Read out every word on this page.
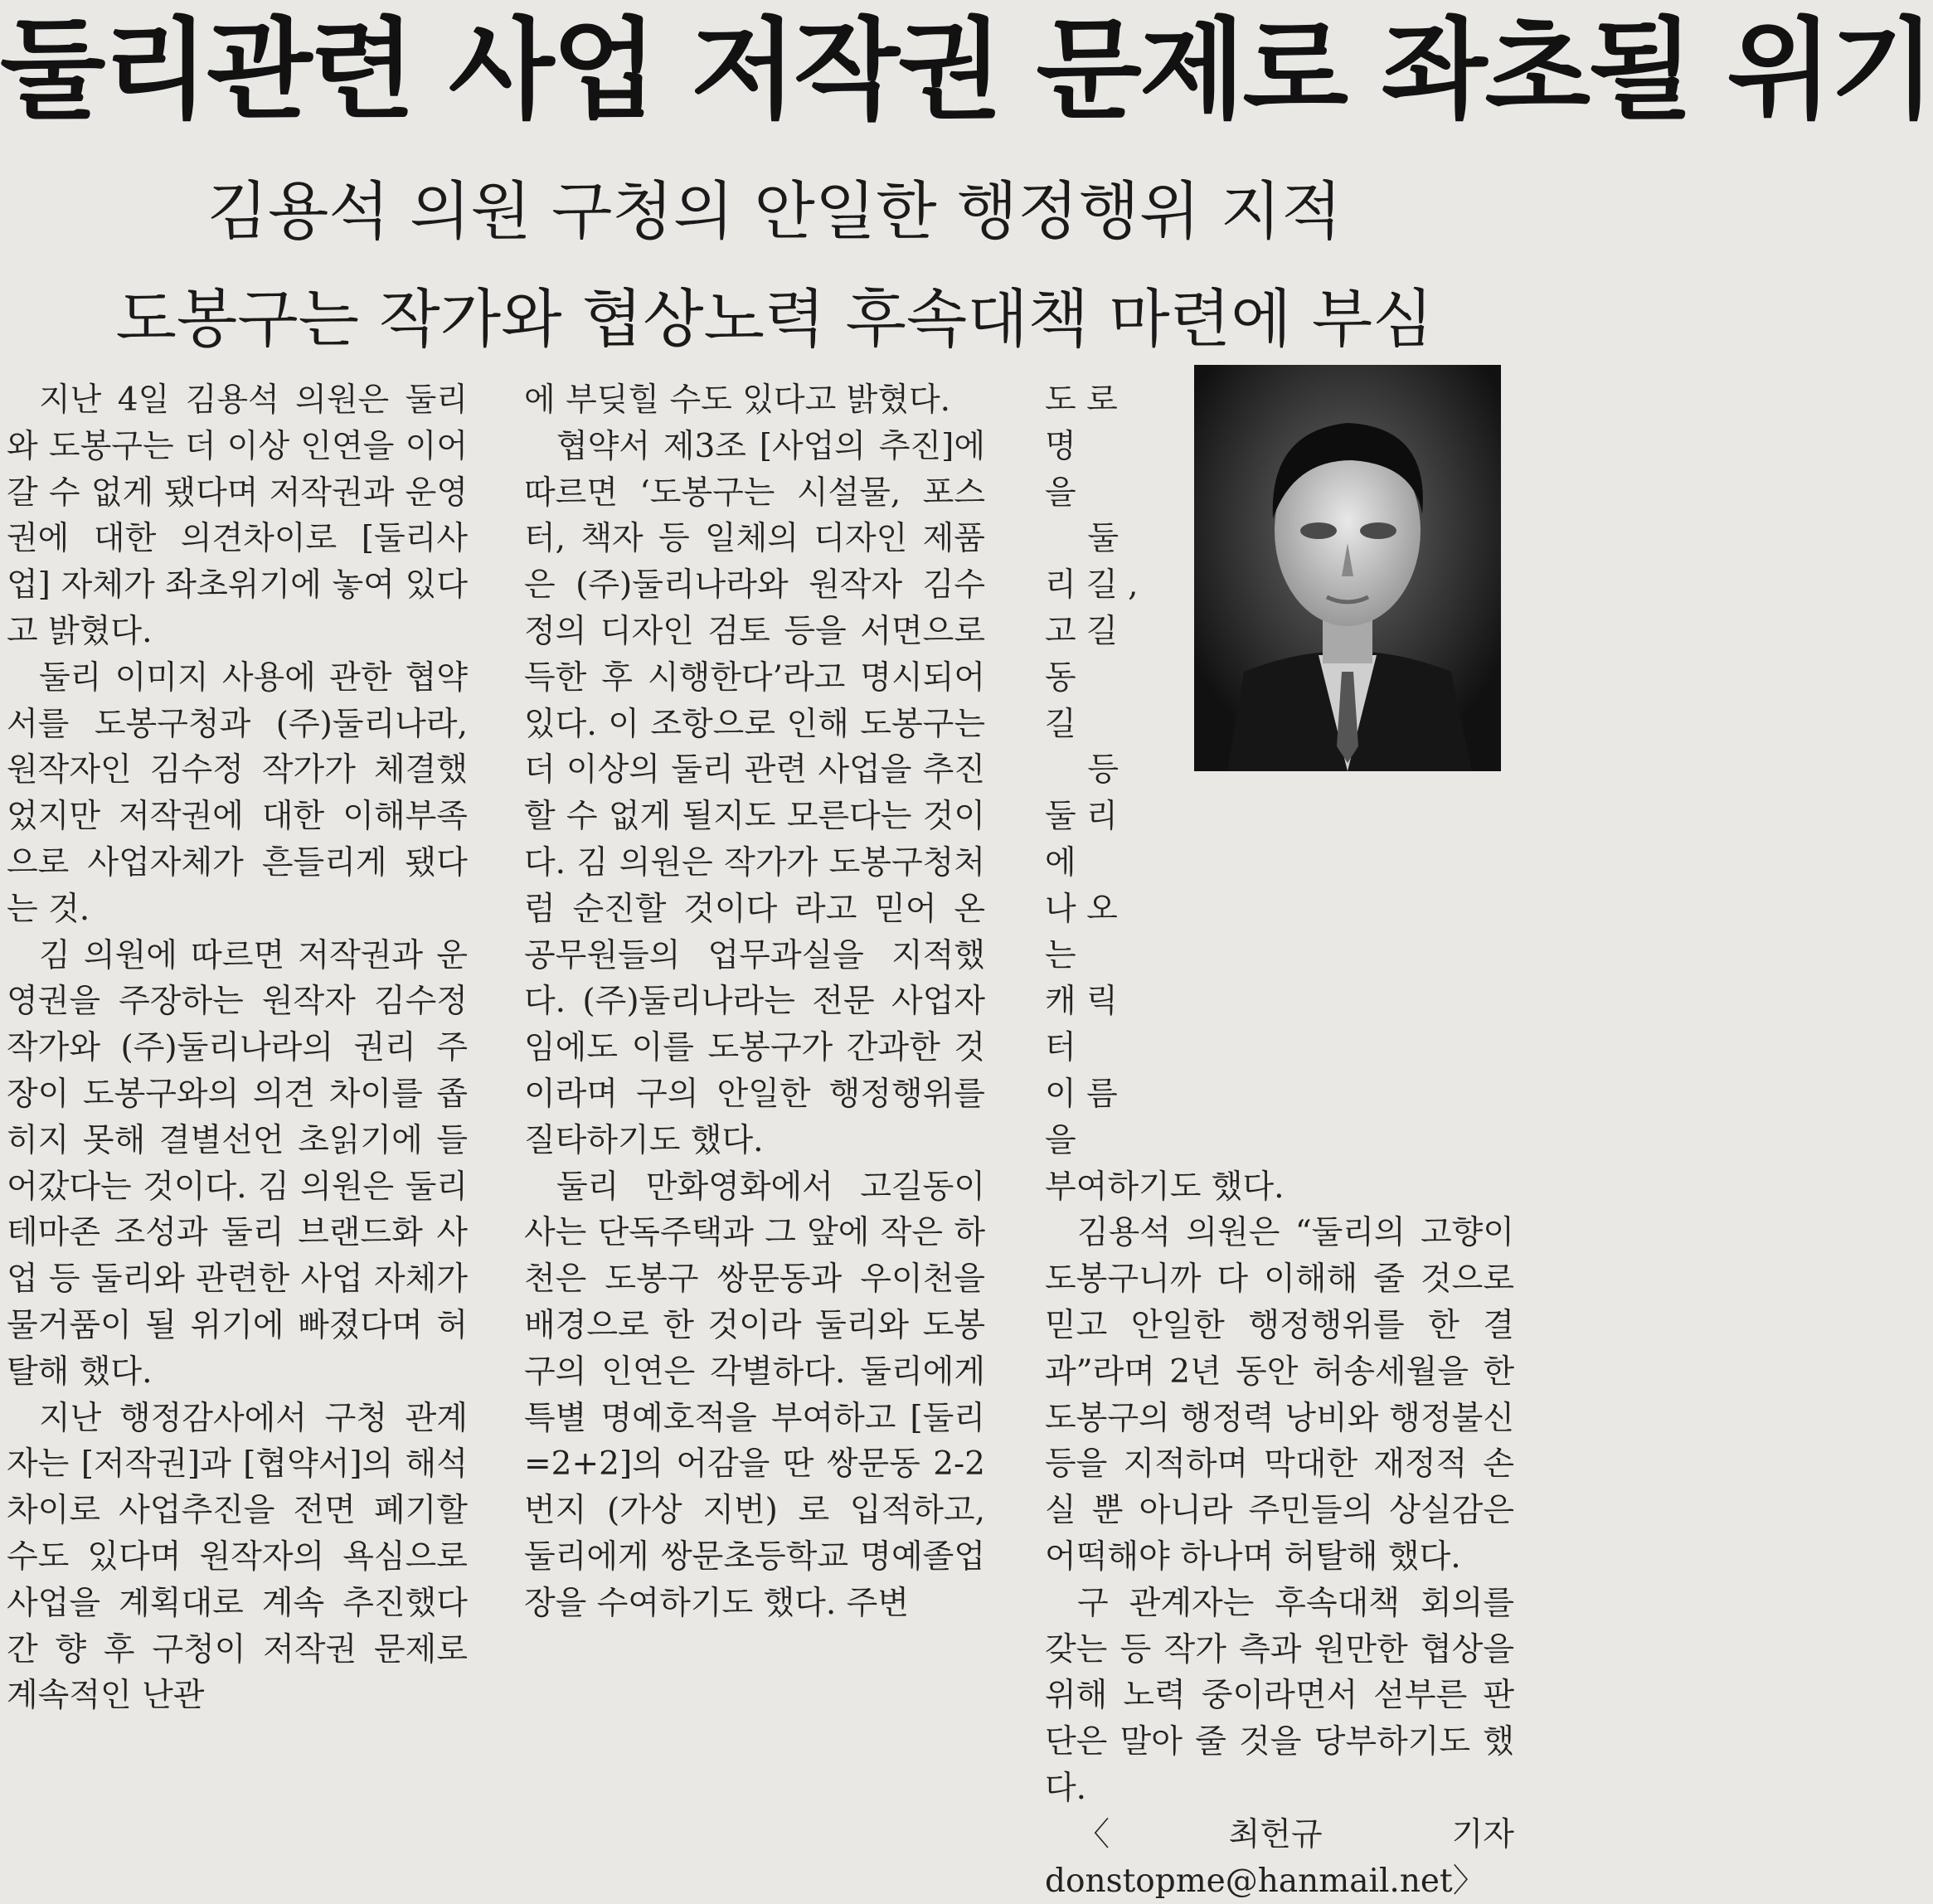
둘리관련 사업 저작권 문제로 좌초될 위기
김용석 의원 구청의 안일한 행정행위 지적
도봉구는 작가와 협상노력 후속대책 마련에 부심

지난 4일 김용석 의원은 둘리와 도봉구는 더 이상 인연을 이어갈 수 없게 됐다며 저작권과 운영권에 대한 의견차이로 [둘리사업] 자체가 좌초위기에 놓여 있다고 밝혔다.

둘리 이미지 사용에 관한 협약서를 도봉구청과 (주)둘리나라, 원작자인 김수정 작가가 체결했었지만 저작권에 대한 이해부족으로 사업자체가 흔들리게 됐다는 것.

김 의원에 따르면 저작권과 운영권을 주장하는 원작자 김수정 작가와 (주)둘리나라의 권리 주장이 도봉구와의 의견 차이를 좁히지 못해 결별선언 초읽기에 들어갔다는 것이다. 김 의원은 둘리테마존 조성과 둘리 브랜드화 사업 등 둘리와 관련한 사업 자체가 물거품이 될 위기에 빠졌다며 허탈해 했다.

지난 행정감사에서 구청 관계자는 [저작권]과 [협약서]의 해석 차이로 사업추진을 전면 폐기할 수도 있다며 원작자의 욕심으로 사업을 계획대로 계속 추진했다간 향 후 구청이 저작권 문제로 계속적인 난관

에 부딪힐 수도 있다고 밝혔다.

협약서 제3조 [사업의 추진]에 따르면 ‘도봉구는 시설물, 포스터, 책자 등 일체의 디자인 제품은 (주)둘리나라와 원작자 김수정의 디자인 검토 등을 서면으로 득한 후 시행한다’라고 명시되어 있다. 이 조항으로 인해 도봉구는 더 이상의 둘리 관련 사업을 추진할 수 없게 될지도 모른다는 것이다. 김 의원은 작가가 도봉구청처럼 순진할 것이다 라고 믿어 온 공무원들의 업무과실을 지적했다. (주)둘리나라는 전문 사업자임에도 이를 도봉구가 간과한 것이라며 구의 안일한 행정행위를 질타하기도 했다.

둘리 만화영화에서 고길동이 사는 단독주택과 그 앞에 작은 하천은 도봉구 쌍문동과 우이천을 배경으로 한 것이라 둘리와 도봉구의 인연은 각별하다. 둘리에게 특별 명예호적을 부여하고 [둘리=2+2]의 어감을 딴 쌍문동 2-2번지 (가상 지번) 로 입적하고, 둘리에게 쌍문초등학교 명예졸업장을 수여하기도 했다. 주변

도 로 명
을 　 둘
리 길 ,
고 길 동
길 　 등
둘 리 에
나 오 는
캐 릭 터
이 름 을

부여하기도 했다.

김용석 의원은 “둘리의 고향이 도봉구니까 다 이해해 줄 것으로 믿고 안일한 행정행위를 한 결과”라며 2년 동안 허송세월을 한 도봉구의 행정력 낭비와 행정불신 등을 지적하며 막대한 재정적 손실 뿐 아니라 주민들의 상실감은 어떡해야 하나며 허탈해 했다.

구 관계자는 후속대책 회의를 갖는 등 작가 측과 원만한 협상을 위해 노력 중이라면서 섣부른 판단은 말아 줄 것을 당부하기도 했다.

〈최헌규 기자 donstopme@hanmail.net〉
